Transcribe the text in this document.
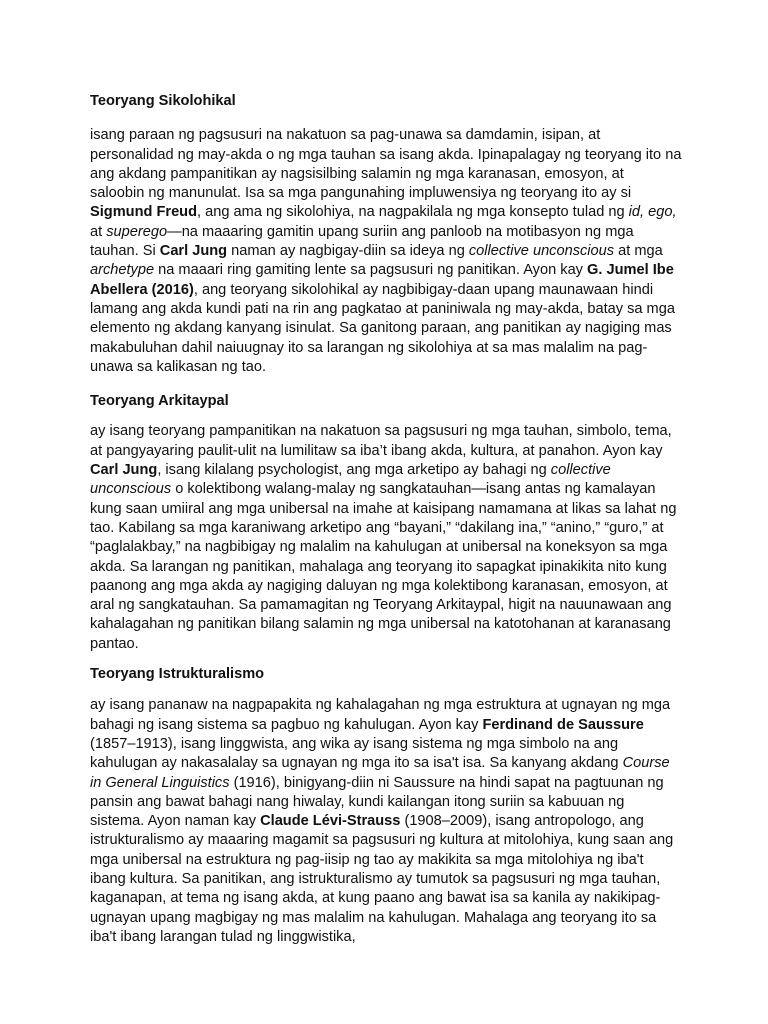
Teoryang Sikolohikal

isang paraan ng pagsusuri na nakatuon sa pag-unawa sa damdamin, isipan, at personalidad ng may-akda o ng mga tauhan sa isang akda. Ipinapalagay ng teoryang ito na ang akdang pampanitikan ay nagsisilbing salamin ng mga karanasan, emosyon, at saloobin ng manunulat. Isa sa mga pangunahing impluwensiya ng teoryang ito ay si Sigmund Freud, ang ama ng sikolohiya, na nagpakilala ng mga konsepto tulad ng id, ego, at superego—na maaaring gamitin upang suriin ang panloob na motibasyon ng mga tauhan. Si Carl Jung naman ay nagbigay-diin sa ideya ng collective unconscious at mga archetype na maaari ring gamiting lente sa pagsusuri ng panitikan. Ayon kay G. Jumel Ibe Abellera (2016), ang teoryang sikolohikal ay nagbibigay-daan upang maunawaan hindi lamang ang akda kundi pati na rin ang pagkatao at paniniwala ng may-akda, batay sa mga elemento ng akdang kanyang isinulat. Sa ganitong paraan, ang panitikan ay nagiging mas makabuluhan dahil naiuugnay ito sa larangan ng sikolohiya at sa mas malalim na pag-unawa sa kalikasan ng tao.

Teoryang Arkitaypal

ay isang teoryang pampanitikan na nakatuon sa pagsusuri ng mga tauhan, simbolo, tema, at pangyayaring paulit-ulit na lumilitaw sa iba’t ibang akda, kultura, at panahon. Ayon kay Carl Jung, isang kilalang psychologist, ang mga arketipo ay bahagi ng collective unconscious o kolektibong walang-malay ng sangkatauhan—isang antas ng kamalayan kung saan umiiral ang mga unibersal na imahe at kaisipang namamana at likas sa lahat ng tao. Kabilang sa mga karaniwang arketipo ang “bayani,” “dakilang ina,” “anino,” “guro,” at “paglalakbay,” na nagbibigay ng malalim na kahulugan at unibersal na koneksyon sa mga akda. Sa larangan ng panitikan, mahalaga ang teoryang ito sapagkat ipinakikita nito kung paanong ang mga akda ay nagiging daluyan ng mga kolektibong karanasan, emosyon, at aral ng sangkatauhan. Sa pamamagitan ng Teoryang Arkitaypal, higit na nauunawaan ang kahalagahan ng panitikan bilang salamin ng mga unibersal na katotohanan at karanasang pantao.

Teoryang Istrukturalismo

ay isang pananaw na nagpapakita ng kahalagahan ng mga estruktura at ugnayan ng mga bahagi ng isang sistema sa pagbuo ng kahulugan. Ayon kay Ferdinand de Saussure (1857–1913), isang linggwista, ang wika ay isang sistema ng mga simbolo na ang kahulugan ay nakasalalay sa ugnayan ng mga ito sa isa't isa. Sa kanyang akdang Course in General Linguistics (1916), binigyang-diin ni Saussure na hindi sapat na pagtuunan ng pansin ang bawat bahagi nang hiwalay, kundi kailangan itong suriin sa kabuuan ng sistema. Ayon naman kay Claude Lévi-Strauss (1908–2009), isang antropologo, ang istrukturalismo ay maaaring magamit sa pagsusuri ng kultura at mitolohiya, kung saan ang mga unibersal na estruktura ng pag-iisip ng tao ay makikita sa mga mitolohiya ng iba't ibang kultura. Sa panitikan, ang istrukturalismo ay tumutok sa pagsusuri ng mga tauhan, kaganapan, at tema ng isang akda, at kung paano ang bawat isa sa kanila ay nakikipag-ugnayan upang magbigay ng mas malalim na kahulugan. Mahalaga ang teoryang ito sa iba't ibang larangan tulad ng linggwistika,
